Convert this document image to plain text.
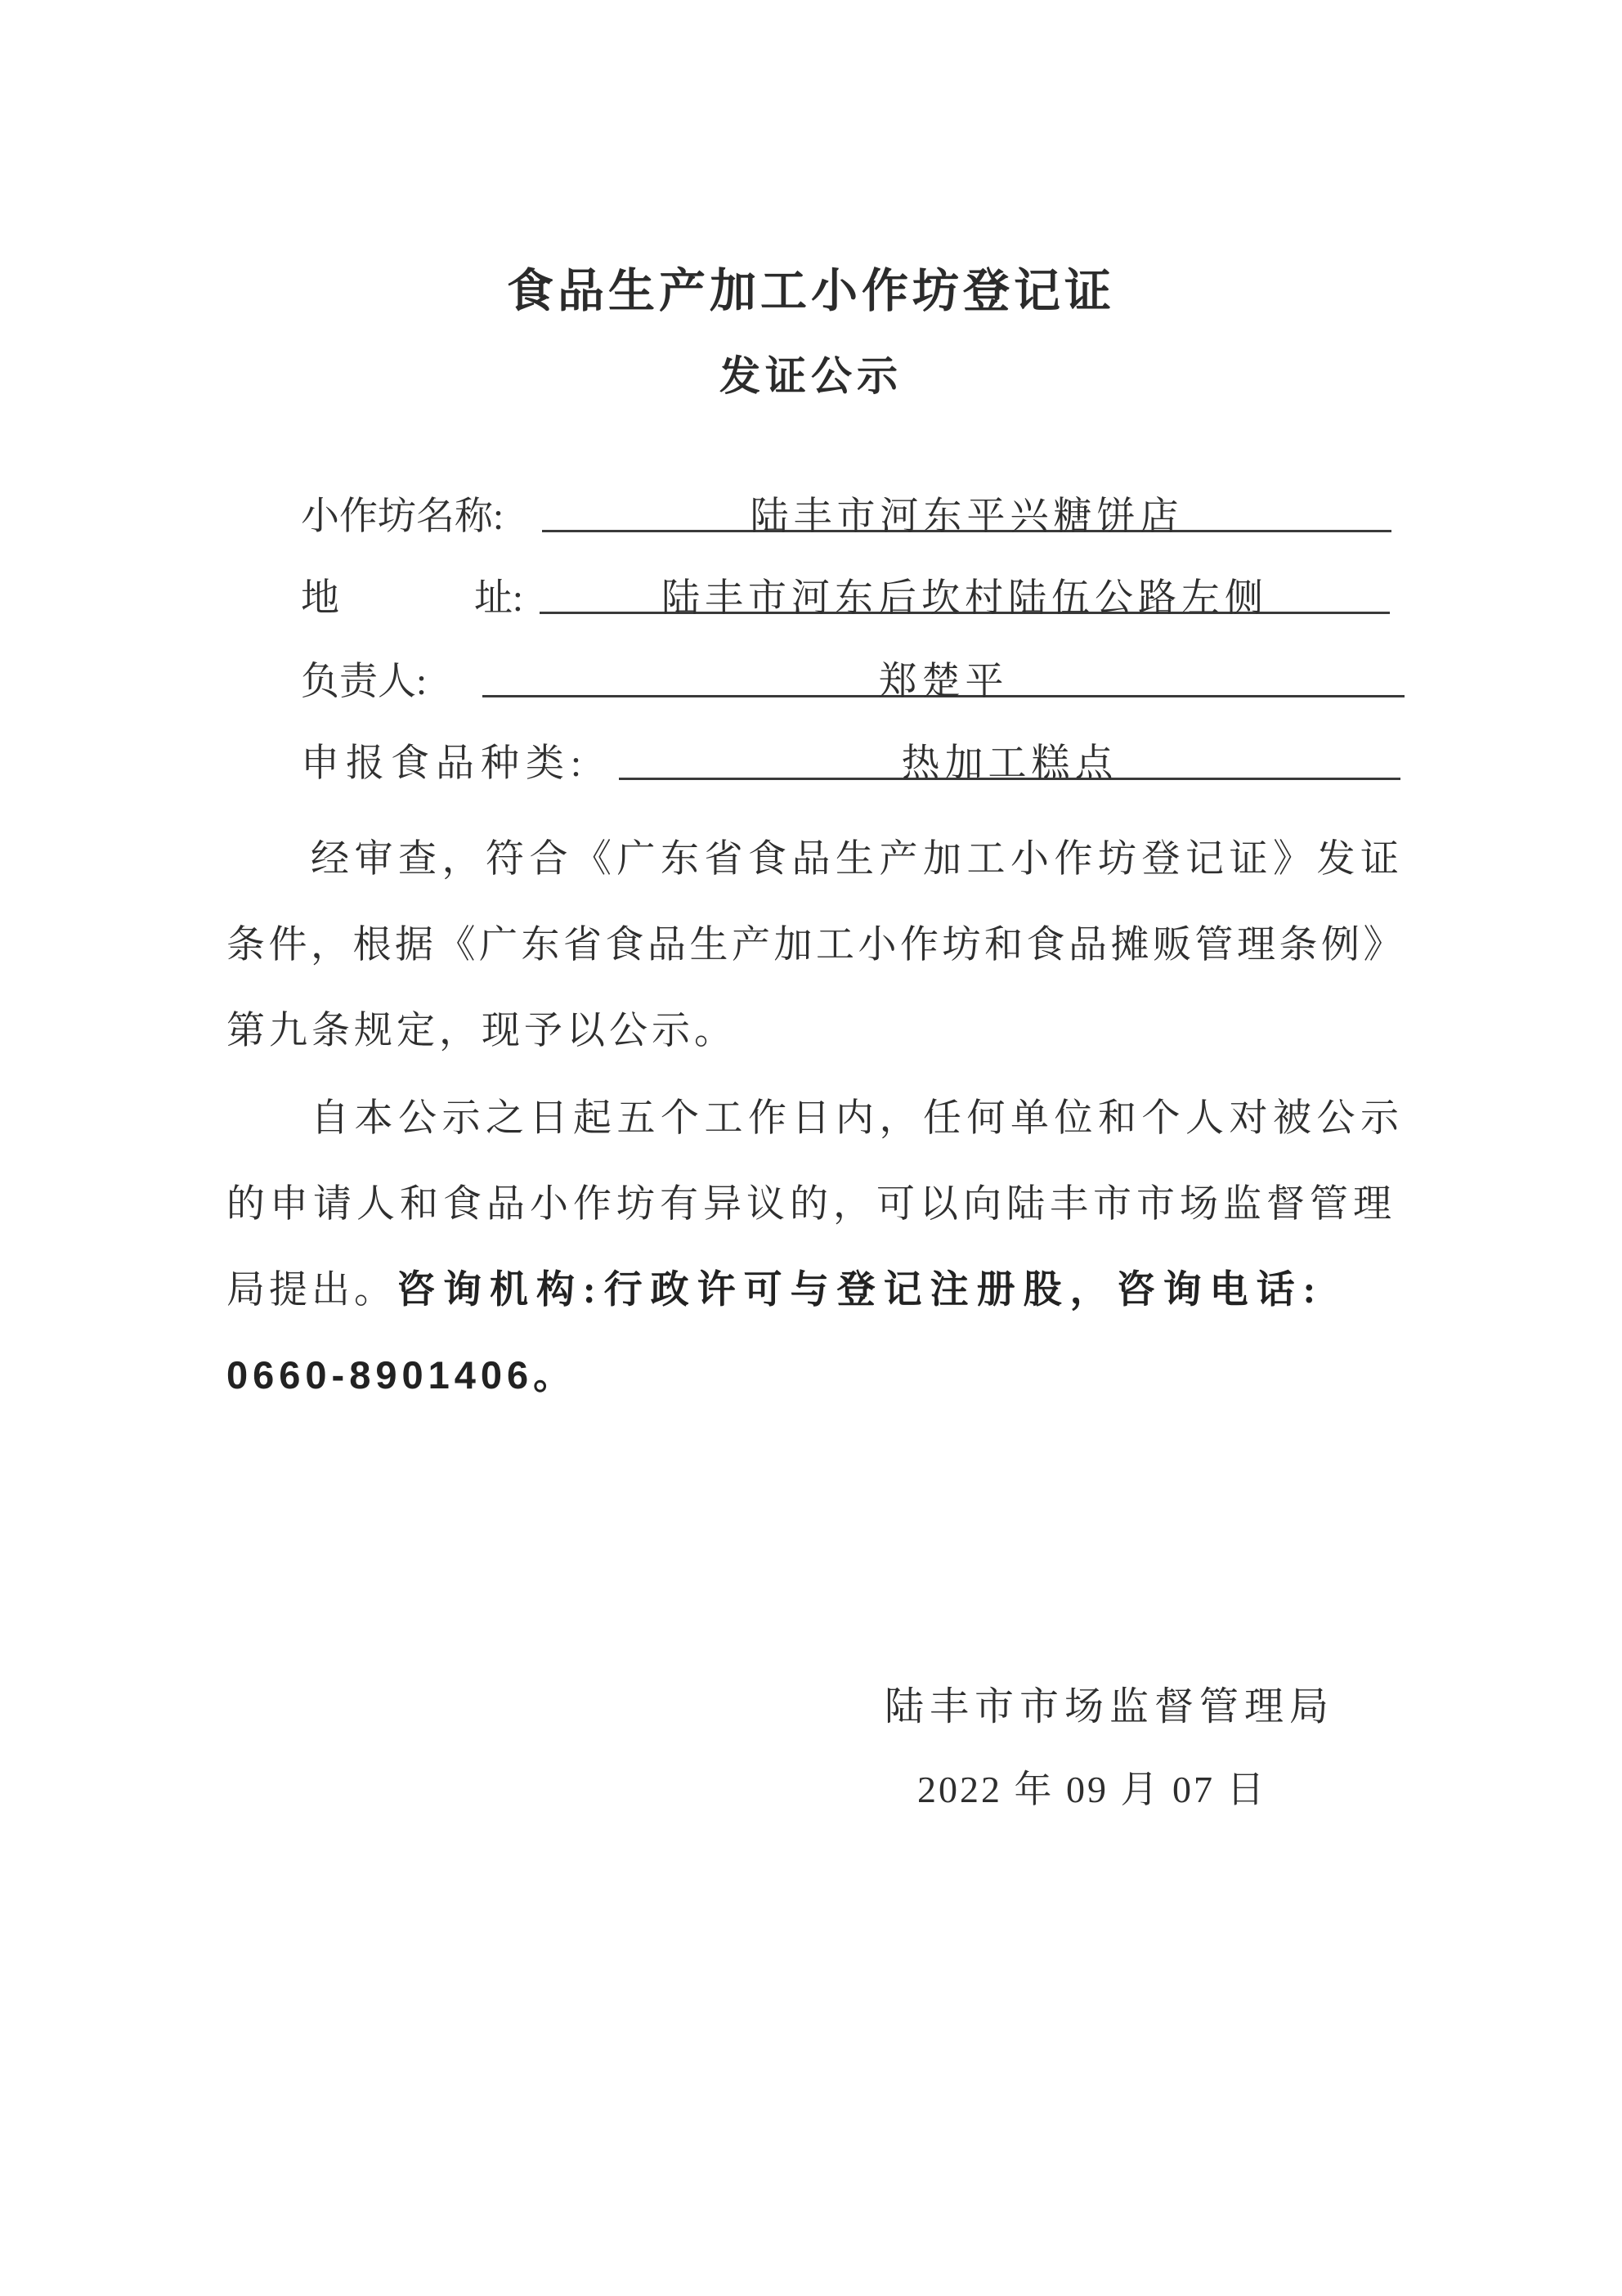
食品生产加工小作坊登记证
发证公示
小作坊名称:	陆丰市河东平兴糖饼店
地	址:	陆丰市河东后坎村陆伍公路左侧
负责人:	郑楚平
申报食品种类:	热加工糕点
经审查，符合《广东省食品生产加工小作坊登记证》发证
条件，根据《广东省食品生产加工小作坊和食品摊贩管理条例》
第九条规定，现予以公示。
自本公示之日起五个工作日内，任何单位和个人对被公示
的申请人和食品小作坊有异议的，可以向陆丰市市场监督管理
局提出。咨询机构:行政许可与登记注册股，咨询电话:
0660-8901406。
陆丰市市场监督管理局
2022 年 09 月 07 日
